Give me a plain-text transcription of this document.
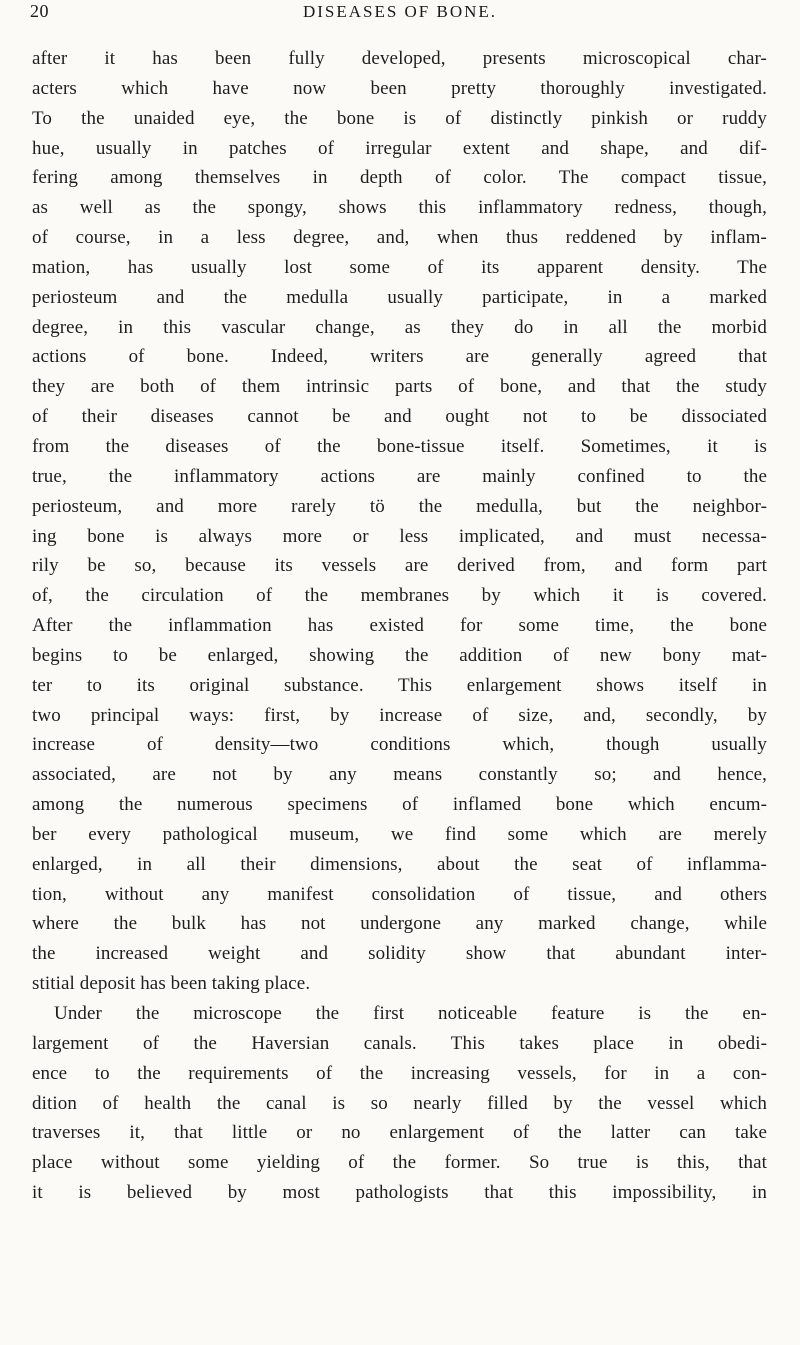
20	DISEASES OF BONE.
after it has been fully developed, presents microscopical char-
acters which have now been pretty thoroughly investigated.
To the unaided eye, the bone is of distinctly pinkish or ruddy
hue, usually in patches of irregular extent and shape, and dif-
fering among themselves in depth of color. The compact tissue,
as well as the spongy, shows this inflammatory redness, though,
of course, in a less degree, and, when thus reddened by inflam-
mation, has usually lost some of its apparent density. The
periosteum and the medulla usually participate, in a marked
degree, in this vascular change, as they do in all the morbid
actions of bone. Indeed, writers are generally agreed that
they are both of them intrinsic parts of bone, and that the study
of their diseases cannot be and ought not to be dissociated
from the diseases of the bone-tissue itself. Sometimes, it is
true, the inflammatory actions are mainly confined to the
periosteum, and more rarely tö the medulla, but the neighbor-
ing bone is always more or less implicated, and must necessa-
rily be so, because its vessels are derived from, and form part
of, the circulation of the membranes by which it is covered.
After the inflammation has existed for some time, the bone
begins to be enlarged, showing the addition of new bony mat-
ter to its original substance. This enlargement shows itself in
two principal ways: first, by increase of size, and, secondly, by
increase of density—two conditions which, though usually
associated, are not by any means constantly so; and hence,
among the numerous specimens of inflamed bone which encum-
ber every pathological museum, we find some which are merely
enlarged, in all their dimensions, about the seat of inflamma-
tion, without any manifest consolidation of tissue, and others
where the bulk has not undergone any marked change, while
the increased weight and solidity show that abundant inter-
stitial deposit has been taking place.
Under the microscope the first noticeable feature is the en-
largement of the Haversian canals. This takes place in obedi-
ence to the requirements of the increasing vessels, for in a con-
dition of health the canal is so nearly filled by the vessel which
traverses it, that little or no enlargement of the latter can take
place without some yielding of the former. So true is this, that
it is believed by most pathologists that this impossibility, in
